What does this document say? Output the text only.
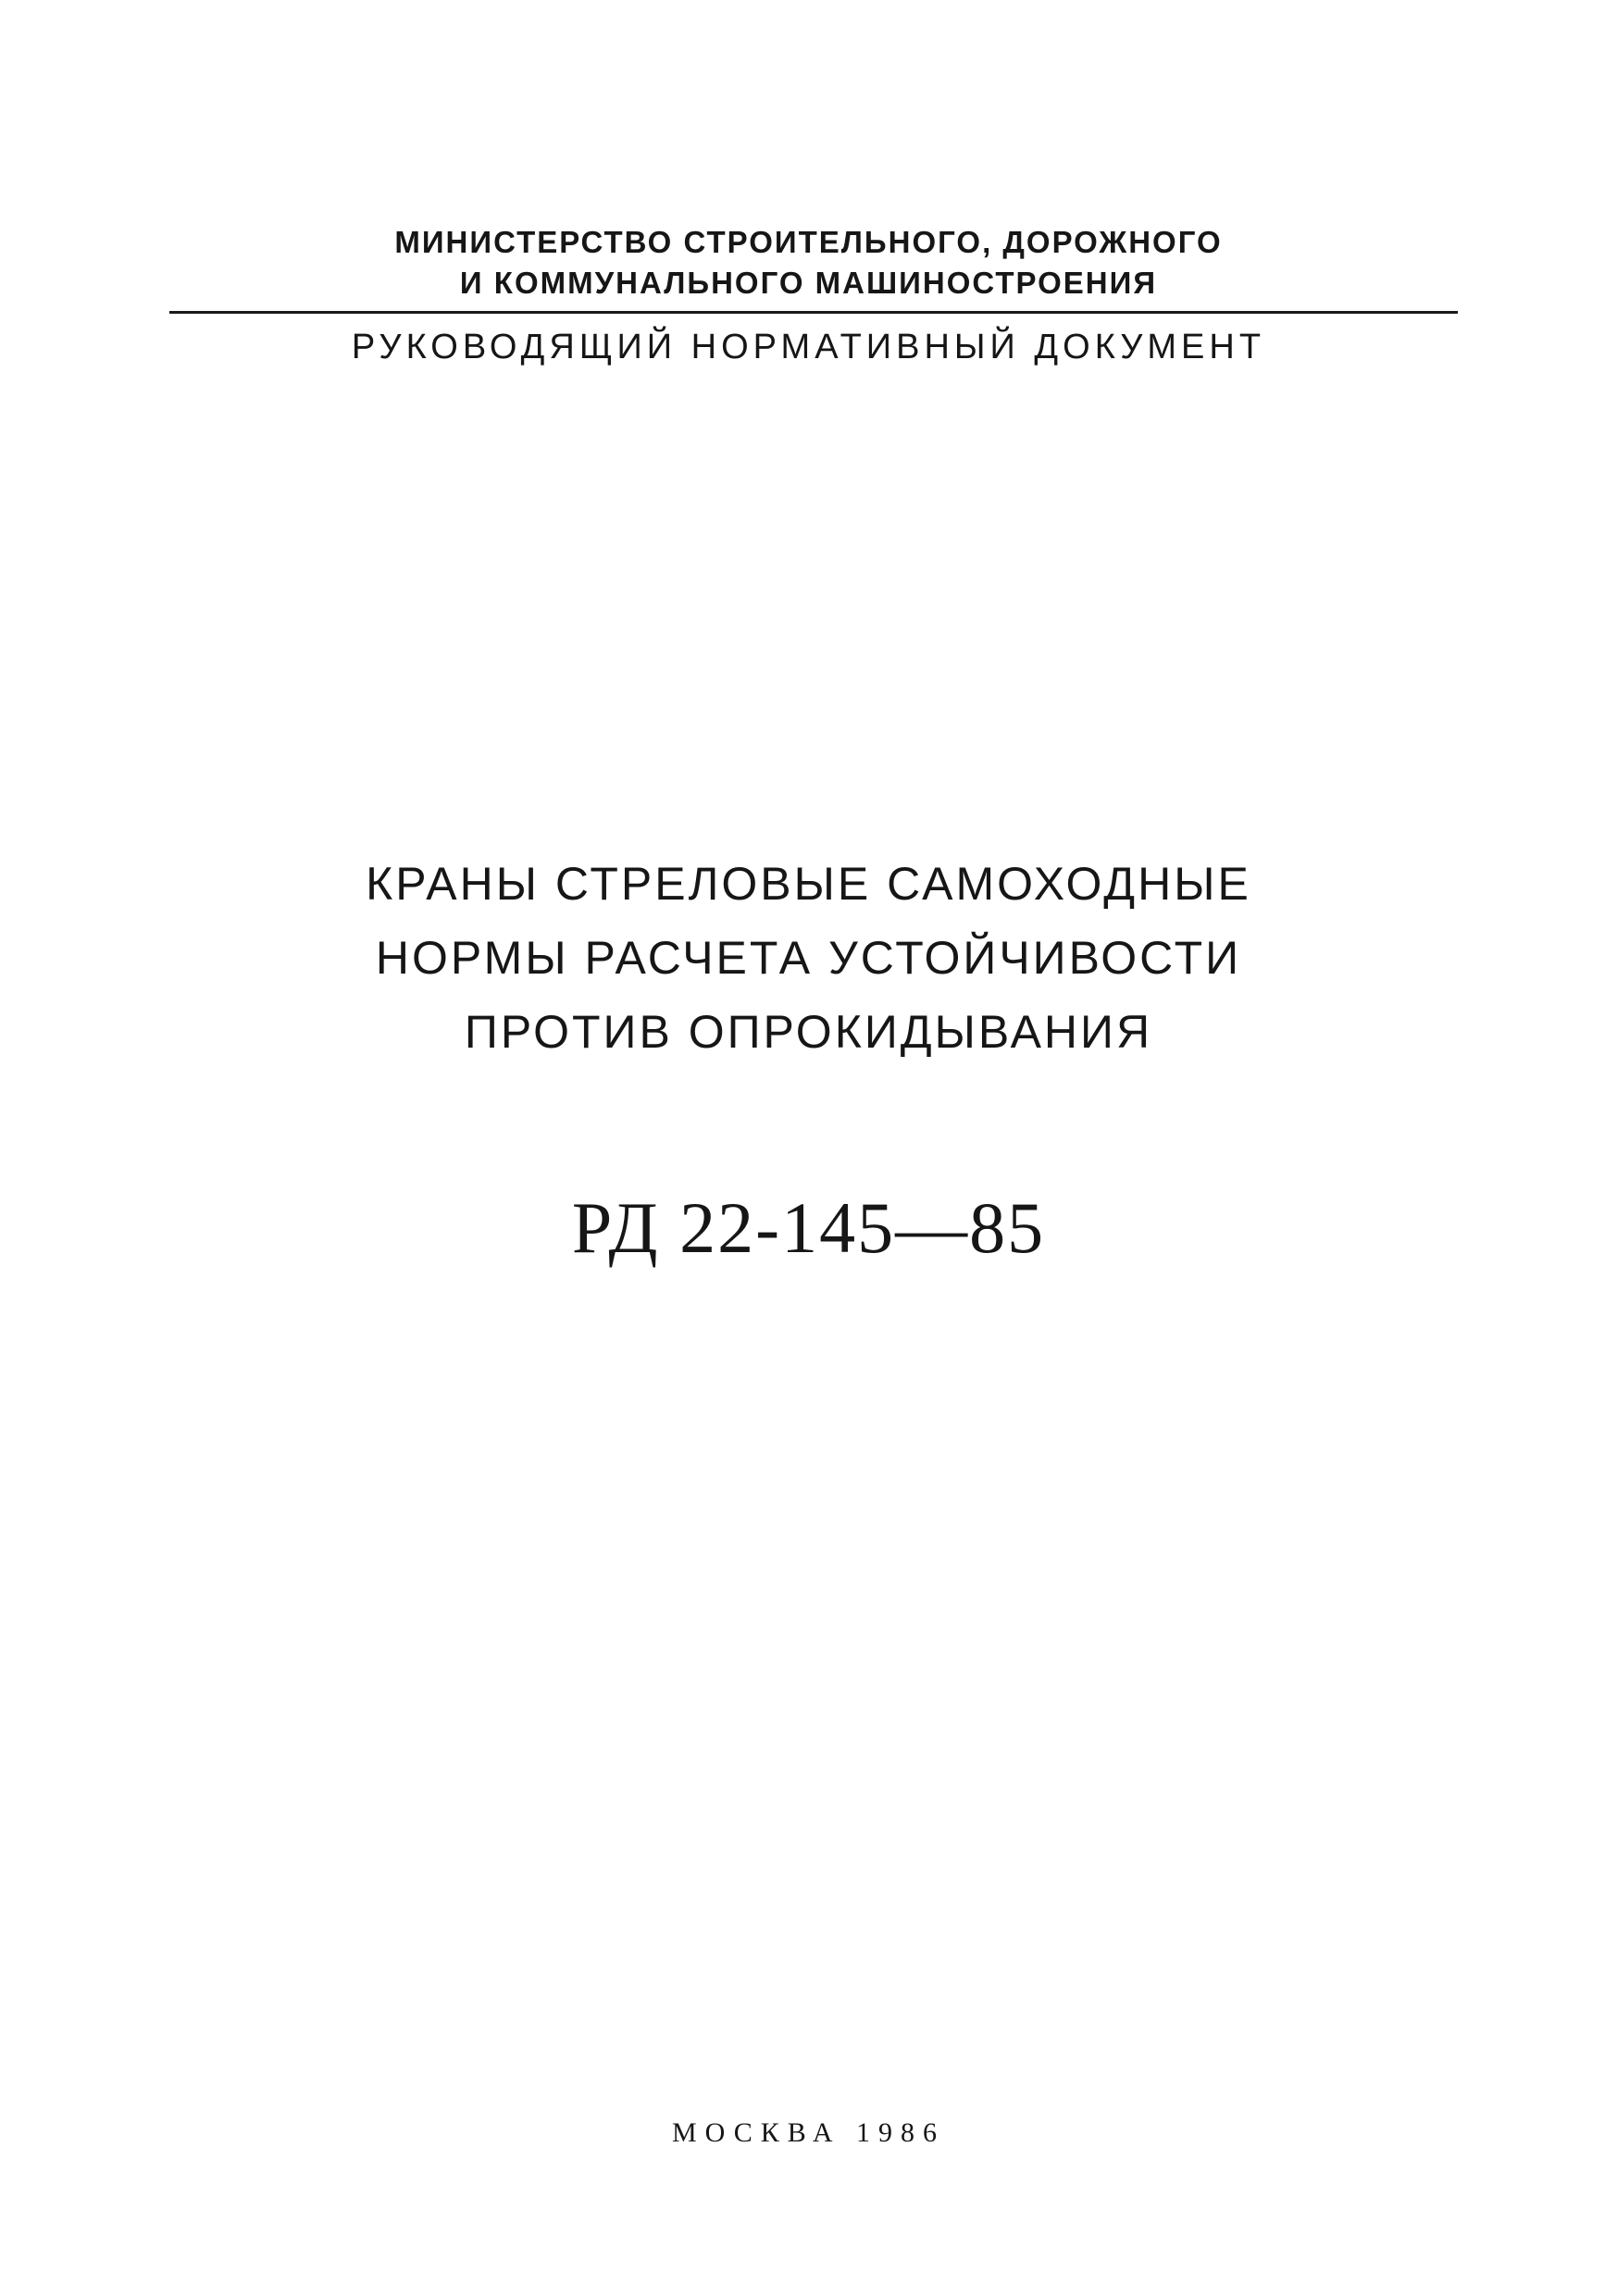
МИНИСТЕРСТВО СТРОИТЕЛЬНОГО, ДОРОЖНОГО
И КОММУНАЛЬНОГО МАШИНОСТРОЕНИЯ
РУКОВОДЯЩИЙ НОРМАТИВНЫЙ ДОКУМЕНТ
КРАНЫ СТРЕЛОВЫЕ САМОХОДНЫЕ
НОРМЫ РАСЧЕТА УСТОЙЧИВОСТИ
ПРОТИВ ОПРОКИДЫВАНИЯ
РД 22-145—85
МОСКВА 1986
